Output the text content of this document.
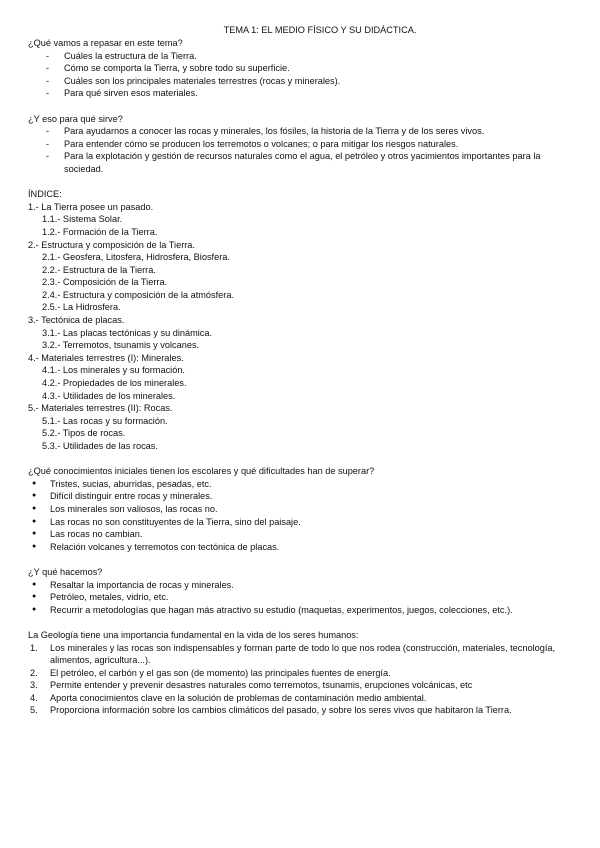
TEMA 1: EL MEDIO FÍSICO Y SU DIDÁCTICA.

¿Qué vamos a repasar en este tema?

- Cuáles la estructura de la Tierra.
- Cómo se comporta la Tierra, y sobre todo su superficie.
- Cuáles son los principales materiales terrestres (rocas y minerales).
- Para qué sirven esos materiales.

¿Y eso para qué sirve?

- Para ayudarnos a conocer las rocas y minerales, los fósiles, la historia de la Tierra y de los seres vivos.
- Para entender cómo se producen los terremotos o volcanes; o para mitigar los riesgos naturales.
- Para la explotación y gestión de recursos naturales como el agua, el petróleo y otros yacimientos importantes para la sociedad.

ÍNDICE:

1.- La Tierra posee un pasado.
1.1.- Sistema Solar.
1.2.- Formación de la Tierra.
2.- Estructura y composición de la Tierra.
2.1.- Geosfera, Litosfera, Hidrosfera, Biosfera.
2.2.- Estructura de la Tierra.
2.3.- Composición de la Tierra.
2.4.- Estructura y composición de la atmósfera.
2.5.- La Hidrosfera.
3.- Tectónica de placas.
3.1.- Las placas tectónicas y su dinámica.
3.2.- Terremotos, tsunamis y volcanes.
4.- Materiales terrestres (I): Minerales.
4.1.- Los minerales y su formación.
4.2.- Propiedades de los minerales.
4.3.- Utilidades de los minerales.
5.- Materiales terrestres (II): Rocas.
5.1.- Las rocas y su formación.
5.2.- Tipos de rocas.
5.3.- Utilidades de las rocas.

¿Qué conocimientos iniciales tienen los escolares y qué dificultades han de superar?

● Tristes, sucias, aburridas, pesadas, etc.
● Difícil distinguir entre rocas y minerales.
● Los minerales son valiosos, las rocas no.
● Las rocas no son constituyentes de la Tierra, sino del paisaje.
● Las rocas no cambian.
● Relación volcanes y terremotos con tectónica de placas.

¿Y qué hacemos?

● Resaltar la importancia de rocas y minerales.
● Petróleo, metales, vidrio, etc.
● Recurrir a metodologías que hagan más atractivo su estudio (maquetas, experimentos, juegos, colecciones, etc.).

La Geología tiene una importancia fundamental en la vida de los seres humanos:

1. Los minerales y las rocas son indispensables y forman parte de todo lo que nos rodea (construcción, materiales, tecnología, alimentos, agricultura...).
2. El petróleo, el carbón y el gas son (de momento) las principales fuentes de energía.
3. Permite entender y prevenir desastres naturales como terremotos, tsunamis, erupciones volcánicas, etc
4. Aporta conocimientos clave en la solución de problemas de contaminación medio ambiental.
5. Proporciona información sobre los cambios climáticos del pasado, y sobre los seres vivos que habitaron la Tierra.
